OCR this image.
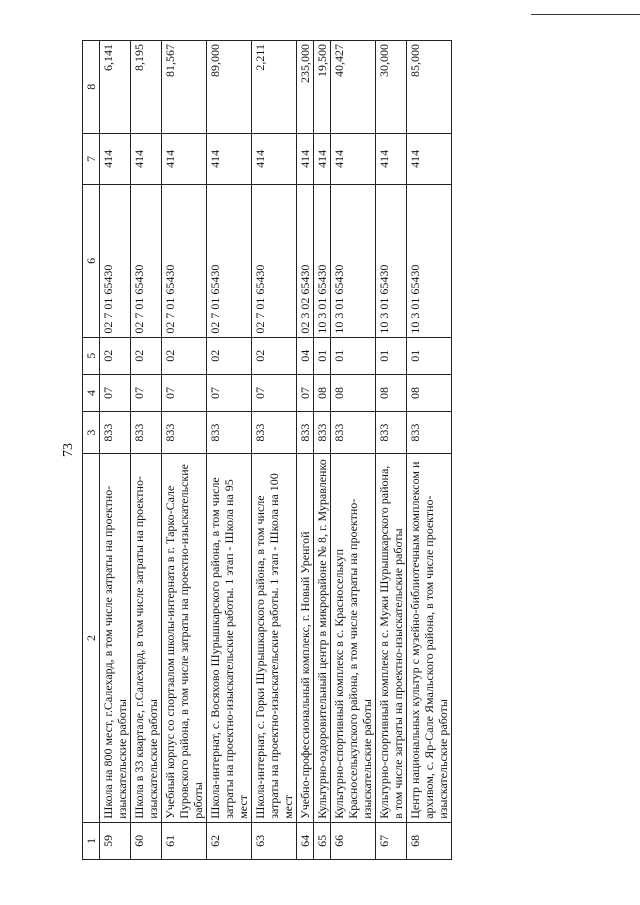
73
1	2	3	4	5	6	7	8
59	Школа на 800 мест, г.Салехард, в том числе затраты на проектно-изыскательские работы	833	07	02	02 7 01 65430	414	6,141
60	Школа в 33 квартале, г.Салехард, в том числе затраты на проектно-изыскательские работы	833	07	02	02 7 01 65430	414	8,195
61	Учебный корпус со спортзалом школы-интерната в г. Тарко-Сале Пуровского района, в том числе затраты на проектно-изыскательские работы	833	07	02	02 7 01 65430	414	81,567
62	Школа-интернат, с. Восяхово Шурышкарского района, в том числе затраты на проектно-изыскательские работы. 1 этап - Школа на 95 мест	833	07	02	02 7 01 65430	414	89,000
63	Школа-интернат, с. Горки Шурышкарского района, в том числе затраты на проектно-изыскательские работы. 1 этап - Школа на 100 мест	833	07	02	02 7 01 65430	414	2,211
64	Учебно-профессиональный комплекс, г. Новый Уренгой	833	07	04	02 3 02 65430	414	235,000
65	Культурно-оздоровительный центр в микрорайоне № 8, г. Муравленко	833	08	01	10 3 01 65430	414	19,500
66	Культурно-спортивный комплекс в с. Красноселькуп Красноселькупского района, в том числе затраты на проектно-изыскательские работы	833	08	01	10 3 01 65430	414	40,427
67	Культурно-спортивный комплекс в с. Мужи Шурышкарского района, в том числе затраты на проектно-изыскательские работы	833	08	01	10 3 01 65430	414	30,000
68	Центр национальных культур с музейно-библиотечным комплексом и архивом, с. Яр-Сале Ямальского района, в том числе проектно-изыскательские работы	833	08	01	10 3 01 65430	414	85,000
